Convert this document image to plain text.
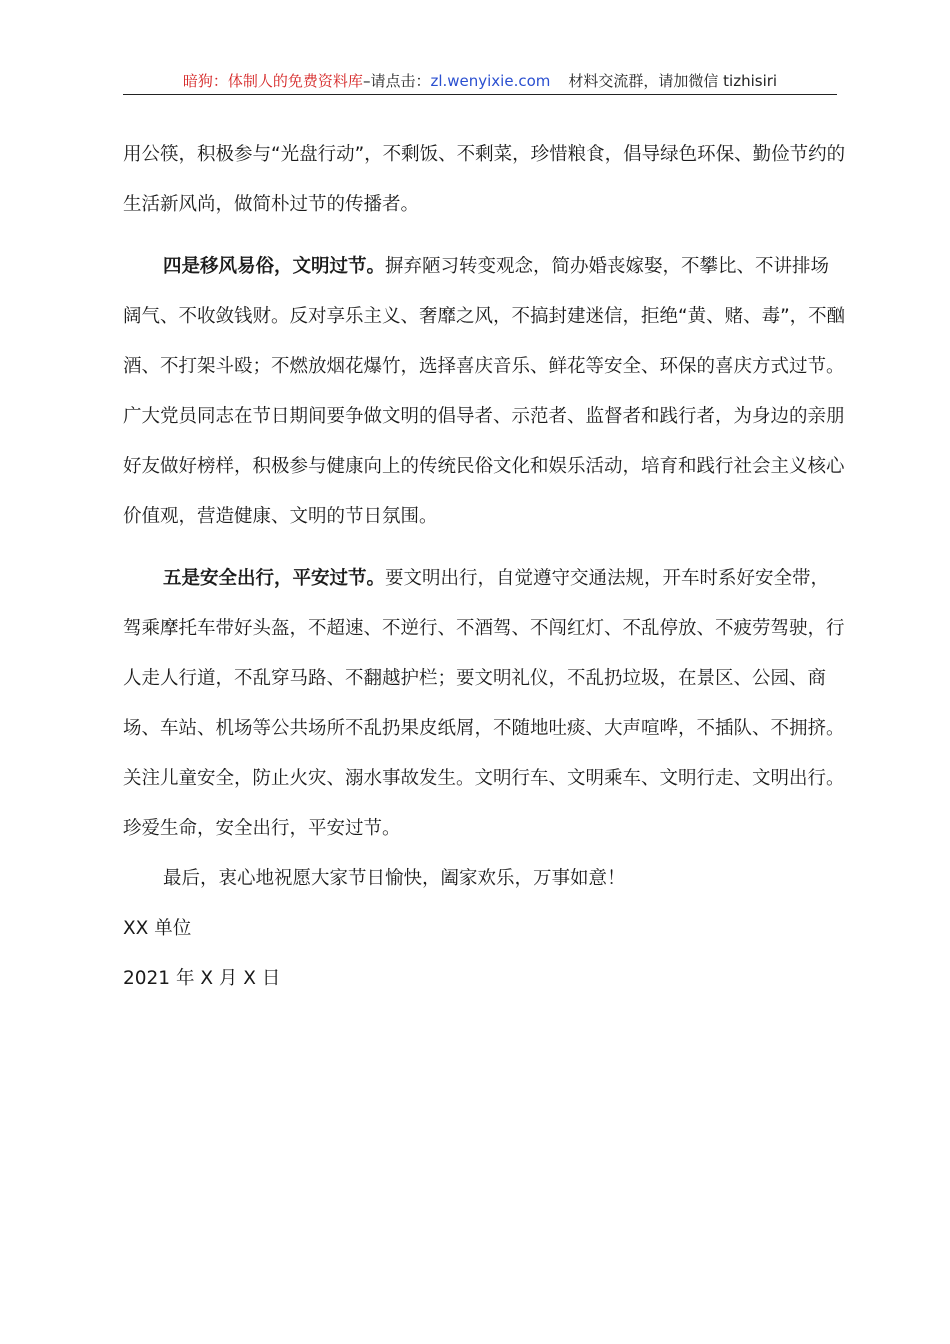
暗狗：体制人的免费资料库–请点击：zl.wenyixie.com 材料交流群，请加微信 tizhisiri

用公筷，积极参与“光盘行动”，不剩饭、不剩菜，珍惜粮食，倡导绿色环保、勤俭节约的生活新风尚，做简朴过节的传播者。

四是移风易俗，文明过节。摒弃陋习转变观念，简办婚丧嫁娶，不攀比、不讲排场阔气、不收敛钱财。反对享乐主义、奢靡之风，不搞封建迷信，拒绝“黄、赌、毒”，不酗酒、不打架斗殴；不燃放烟花爆竹，选择喜庆音乐、鲜花等安全、环保的喜庆方式过节。广大党员同志在节日期间要争做文明的倡导者、示范者、监督者和践行者，为身边的亲朋好友做好榜样，积极参与健康向上的传统民俗文化和娱乐活动，培育和践行社会主义核心价值观，营造健康、文明的节日氛围。

五是安全出行，平安过节。要文明出行，自觉遵守交通法规，开车时系好安全带，驾乘摩托车带好头盔，不超速、不逆行、不酒驾、不闯红灯、不乱停放、不疲劳驾驶，行人走人行道，不乱穿马路、不翻越护栏；要文明礼仪，不乱扔垃圾，在景区、公园、商场、车站、机场等公共场所不乱扔果皮纸屑，不随地吐痰、大声喧哗，不插队、不拥挤。关注儿童安全，防止火灾、溺水事故发生。文明行车、文明乘车、文明行走、文明出行。珍爱生命，安全出行，平安过节。

最后，衷心地祝愿大家节日愉快，阖家欢乐，万事如意！

XX 单位

2021 年 X 月 X 日
